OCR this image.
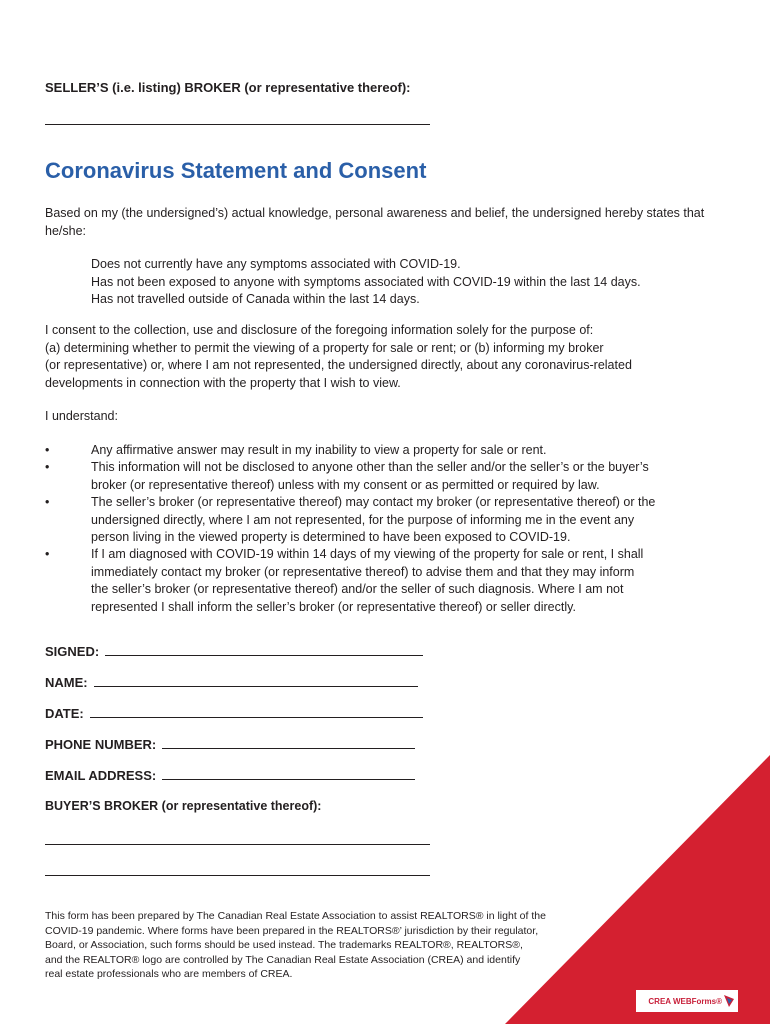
SELLER’S (i.e. listing) BROKER (or representative thereof):
Coronavirus Statement and Consent
Based on my (the undersigned’s) actual knowledge, personal awareness and belief, the undersigned hereby states that he/she:
Does not currently have any symptoms associated with COVID-19.
Has not been exposed to anyone with symptoms associated with COVID-19 within the last 14 days.
Has not travelled outside of Canada within the last 14 days.
I consent to the collection, use and disclosure of the foregoing information solely for the purpose of:
(a) determining whether to permit the viewing of a property for sale or rent; or (b) informing my broker
(or representative) or, where I am not represented, the undersigned directly, about any coronavirus-related
developments in connection with the property that I wish to view.
I understand:
•	Any affirmative answer may result in my inability to view a property for sale or rent.
•	This information will not be disclosed to anyone other than the seller and/or the seller’s or the buyer’s
broker (or representative thereof) unless with my consent or as permitted or required by law.
•	The seller’s broker (or representative thereof) may contact my broker (or representative thereof) or the
undersigned directly, where I am not represented, for the purpose of informing me in the event any
person living in the viewed property is determined to have been exposed to COVID-19.
•	If I am diagnosed with COVID-19 within 14 days of my viewing of the property for sale or rent, I shall
immediately contact my broker (or representative thereof) to advise them and that they may inform
the seller’s broker (or representative thereof) and/or the seller of such diagnosis. Where I am not
represented I shall inform the seller’s broker (or representative thereof) or seller directly.
SIGNED:
NAME:
DATE:
PHONE NUMBER:
EMAIL ADDRESS:
BUYER’S BROKER (or representative thereof):
This form has been prepared by The Canadian Real Estate Association to assist REALTORS® in light of the
COVID-19 pandemic. Where forms have been prepared in the REALTORS®’ jurisdiction by their regulator,
Board, or Association, such forms should be used instead. The trademarks REALTOR®, REALTORS®,
and the REALTOR® logo are controlled by The Canadian Real Estate Association (CREA) and identify
real estate professionals who are members of CREA.
CREA WEBForms®
